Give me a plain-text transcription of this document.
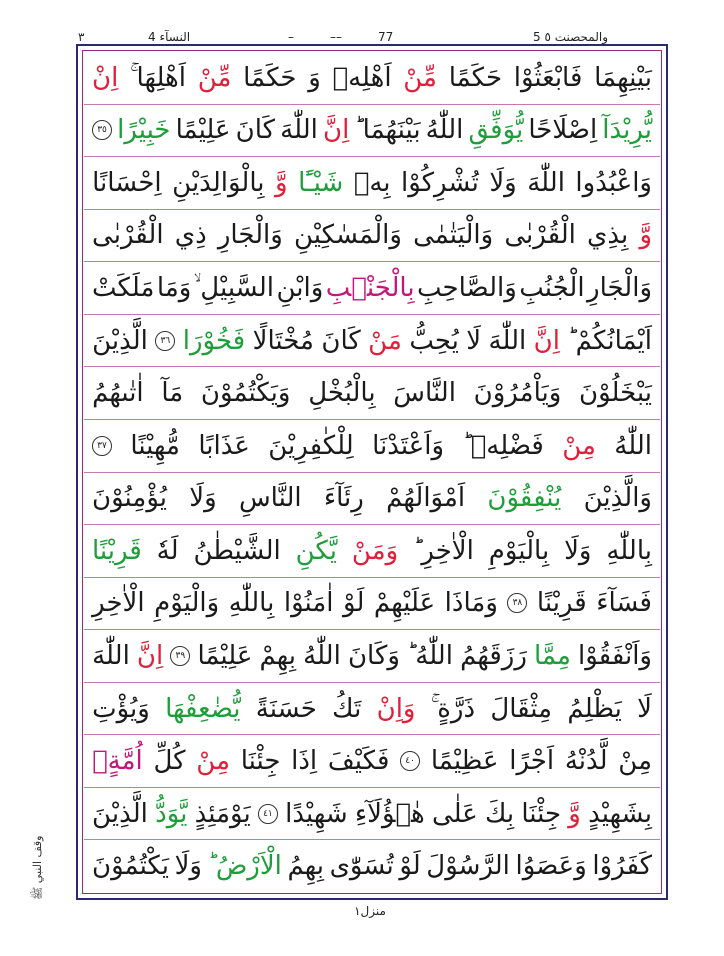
٣	4 النسآء	–	––	77	5 والمحصنت ٥
بَيْنِهِمَا
فَابْعَثُوْا
حَكَمًا
مِّنْ
اَهْلِهٖ
وَ
حَكَمًا
مِّنْ
اَهْلِهَا ۚ
اِنْ
يُّرِيْدَآ
اِصْلَاحًا
يُّوَفِّقِ
اللّٰهُ
بَيْنَهُمَا ؕ
اِنَّ
اللّٰهَ
كَانَ
عَلِيْمًا
خَبِيْرًا
٣٥
وَاعْبُدُوا
اللّٰهَ
وَلَا
تُشْرِكُوْا
بِهٖ
شَيْـًٔا
وَّ
بِالْوَالِدَيْنِ
اِحْسَانًا
وَّ
بِذِي
الْقُرْبٰى
وَالْيَتٰمٰى
وَالْمَسٰكِيْنِ
وَالْجَارِ
ذِي
الْقُرْبٰى
وَالْجَارِ
الْجُنُبِ
وَالصَّاحِبِ
بِالْجَنْۢبِ
وَابْنِ
السَّبِيْلِ ۙ
وَمَا
مَلَكَتْ
اَيْمَانُكُمْ ؕ
اِنَّ
اللّٰهَ
لَا
يُحِبُّ
مَنْ
كَانَ
مُخْتَالًا
فَخُوْرَا
٣٦
الَّذِيْنَ
يَبْخَلُوْنَ
وَيَاْمُرُوْنَ
النَّاسَ
بِالْبُخْلِ
وَيَكْتُمُوْنَ
مَآ
اٰتٰىهُمُ
اللّٰهُ
مِنْ
فَضْلِهٖ ؕ
وَاَعْتَدْنَا
لِلْكٰفِرِيْنَ
عَذَابًا
مُّهِيْنًا
٣٧
وَالَّذِيْنَ
يُنْفِقُوْنَ
اَمْوَالَهُمْ
رِئَآءَ
النَّاسِ
وَلَا
يُؤْمِنُوْنَ
بِاللّٰهِ
وَلَا
بِالْيَوْمِ
الْاٰخِرِ ؕ
وَمَنْ
يَّكُنِ
الشَّيْطٰنُ
لَهٗ
قَرِيْنًا
فَسَآءَ
قَرِيْنًا
٣٨
وَمَاذَا
عَلَيْهِمْ
لَوْ
اٰمَنُوْا
بِاللّٰهِ
وَالْيَوْمِ
الْاٰخِرِ
وَاَنْفَقُوْا
مِمَّا
رَزَقَهُمُ
اللّٰهُ ؕ
وَكَانَ
اللّٰهُ
بِهِمْ
عَلِيْمًا
٣٩
اِنَّ
اللّٰهَ
لَا
يَظْلِمُ
مِثْقَالَ
ذَرَّةٍ ۚ
وَاِنْ
تَكُ
حَسَنَةً
يُّضٰعِفْهَا
وَيُؤْتِ
مِنْ
لَّدُنْهُ
اَجْرًا
عَظِيْمًا
٤٠
فَكَيْفَ
اِذَا
جِئْنَا
مِنْ
كُلِّ
اُمَّةٍۢ
بِشَهِيْدٍ
وَّ
جِئْنَا
بِكَ
عَلٰى
هٰۤؤُلَآءِ
شَهِيْدًا
٤١
يَوْمَئِذٍ
يَّوَدُّ
الَّذِيْنَ
كَفَرُوْا
وَعَصَوُا
الرَّسُوْلَ
لَوْ
تُسَوّٰى
بِهِمُ
الْاَرْضُ ؕ
وَلَا
يَكْتُمُوْنَ
وقف النبي ﷺ
منزل١
